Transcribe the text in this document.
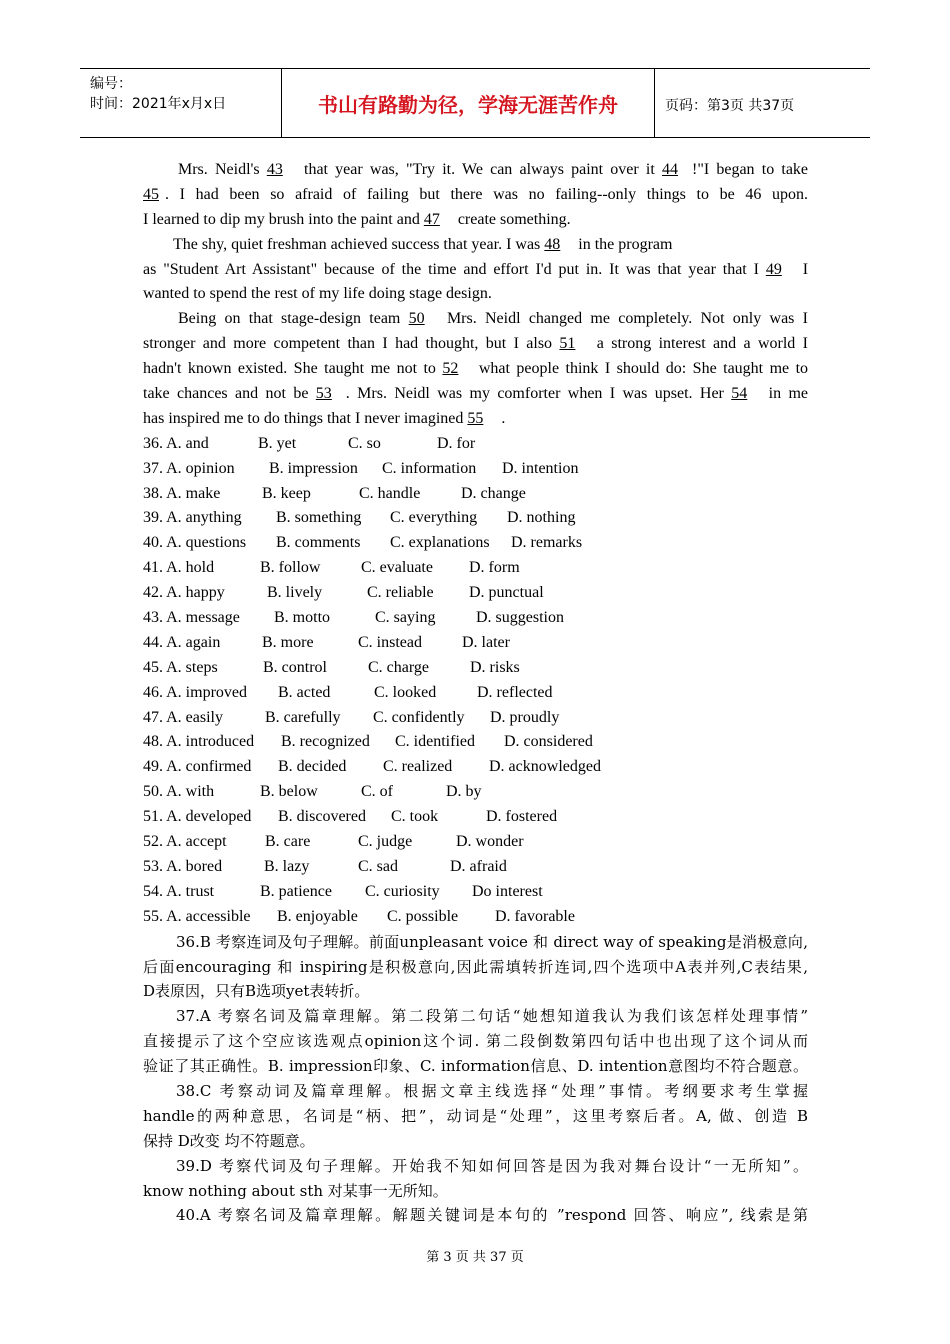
编号：
时间：2021年x月x日	书山有路勤为径，学海无涯苦作舟	页码：第3页 共37页
Mrs. Neidl's 43 that year was, "Try it. We can always paint over it 44 !"I began to take
45 . I had been so afraid of failing but there was no failing--only things to be 46 upon.
I learned to dip my brush into the paint and 47 create something.
The shy, quiet freshman achieved success that year. I was 48 in the program
as "Student Art Assistant" because of the time and effort I'd put in. It was that year that I 49 I
wanted to spend the rest of my life doing stage design.
Being on that stage-design team 50 Mrs. Neidl changed me completely. Not only was I
stronger and more competent than I had thought, but I also 51 a strong interest and a world I
hadn't known existed. She taught me not to 52 what people think I should do: She taught me to
take chances and not be 53 . Mrs. Neidl was my comforter when I was upset. Her 54 in me
has inspired me to do things that I never imagined 55 .
36. A. and	B. yet	C. so	D. for
37. A. opinion B. impression C. information D. intention
38. A. make	B. keep	C. handle	D. change
39. A. anything B. something C. everything D. nothing
40. A. questions B. comments C. explanations D. remarks
41. A. hold	B. follow	C. evaluate D. form
42. A. happy	B. lively	C. reliable D. punctual
43. A. message B. motto	C. saying	D. suggestion
44. A. again	B. more	C. instead	D. later
45. A. steps	B. control	C. charge	D. risks
46. A. improved B. acted	C. looked	D. reflected
47. A. easily	B. carefully C. confidently D. proudly
48. A. introduced B. recognized C. identified D. considered
49. A. confirmed B. decided C. realized D. acknowledged
50. A. with	B. below	C. of	D. by
51. A. developed B. discovered C. took	D. fostered
52. A. accept B. care	C. judge	D. wonder
53. A. bored	B. lazy	C. sad	D. afraid
54. A. trust	B. patience C. curiosity Do interest
55. A. accessible B. enjoyable C. possible D. favorable
36.B 考察连词及句子理解。前面unpleasant voice 和 direct way of speaking是消极意向,
后面encouraging 和 inspiring是积极意向,因此需填转折连词,四个选项中A表并列,C表结果,
D表原因，只有B选项yet表转折。
37.A 考察名词及篇章理解。第二段第二句话“她想知道我认为我们该怎样处理事情”
直接提示了这个空应该选观点opinion这个词. 第二段倒数第四句话中也出现了这个词从而
验证了其正确性。B. impression印象、C. information信息、D. intention意图均不符合题意。
38.C 考察动词及篇章理解。根据文章主线选择“处理”事情。考纲要求考生掌握
handle的两种意思，名词是“柄、把”，动词是“处理”，这里考察后者。A, 做、创造 B
保持 D改变 均不符题意。
39.D 考察代词及句子理解。开始我不知如何回答是因为我对舞台设计“一无所知”。
know nothing about sth 对某事一无所知。
40.A 考察名词及篇章理解。解题关键词是本句的 ”respond 回答、响应”, 线索是第
第 3 页 共 37 页
